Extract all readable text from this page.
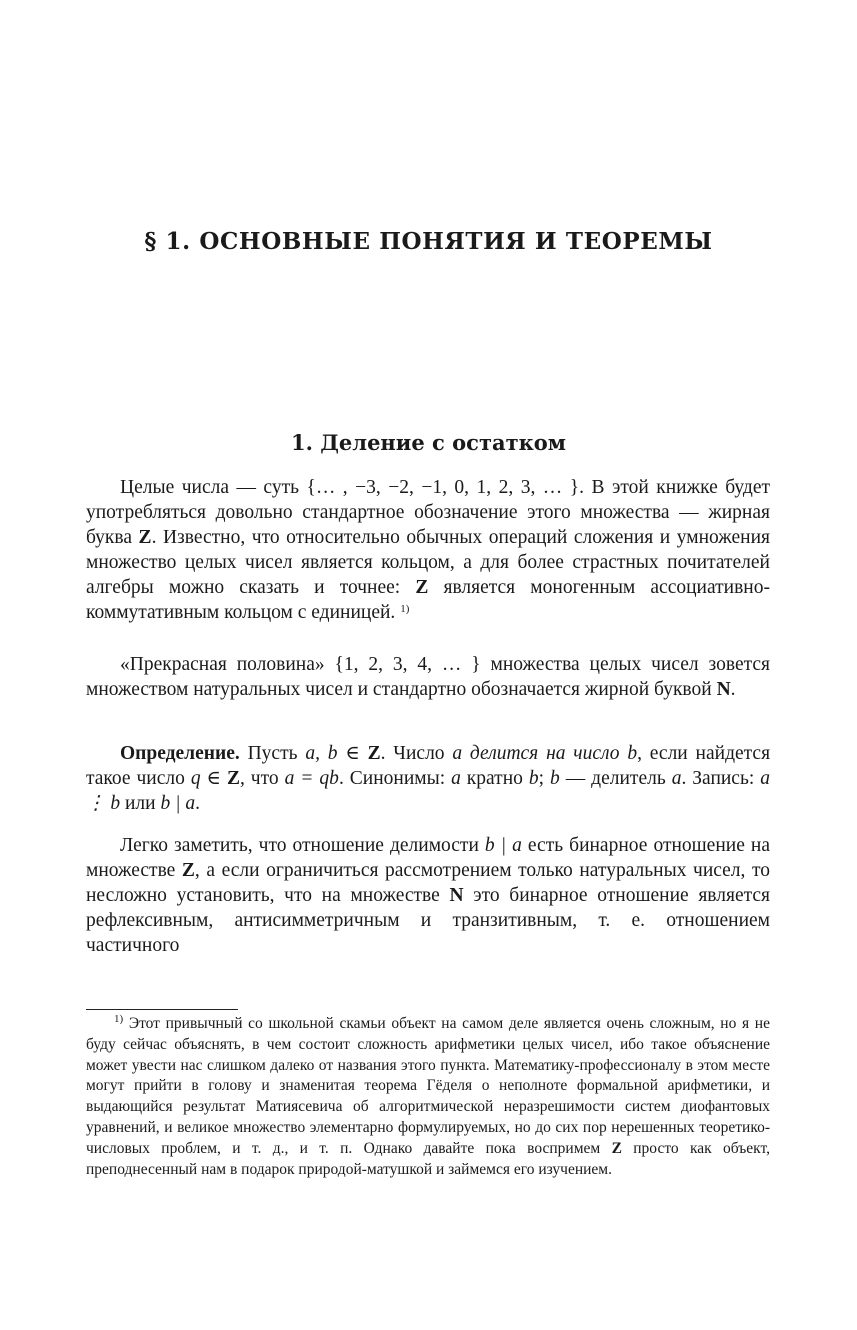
§ 1. ОСНОВНЫЕ ПОНЯТИЯ И ТЕОРЕМЫ
1. Деление с остатком

Целые числа — суть {… , −3, −2, −1, 0, 1, 2, 3, … }. В этой книжке будет употребляться довольно стандартное обозначение этого множества — жирная буква Z. Известно, что относительно обычных операций сложения и умножения множество целых чисел является кольцом, а для более страстных почитателей алгебры можно сказать и точнее: Z является моногенным ассоциативно-коммутативным кольцом с единицей. $^{1)}$

«Прекрасная половина» {1, 2, 3, 4, … } множества целых чисел зовется множеством натуральных чисел и стандартно обозначается жирной буквой N.

Определение. Пусть a, b ∈ Z. Число a делится на число b, если найдется такое число q ∈ Z, что a = qb. Синонимы: a кратно b; b — делитель a. Запись: a ⋮ b или b | a.

Легко заметить, что отношение делимости b | a есть бинарное отношение на множестве Z, а если ограничиться рассмотрением только натуральных чисел, то несложно установить, что на множестве N это бинарное отношение является рефлексивным, антисимметричным и транзитивным, т. е. отношением частичного

$^{1)}$ Этот привычный со школьной скамьи объект на самом деле является очень сложным, но я не буду сейчас объяснять, в чем состоит сложность арифметики целых чисел, ибо такое объяснение может увести нас слишком далеко от названия этого пункта. Математику-профессионалу в этом месте могут прийти в голову и знаменитая теорема Гёделя о неполноте формальной арифметики, и выдающийся результат Матиясевича об алгоритмической неразрешимости систем диофантовых уравнений, и великое множество элементарно формулируемых, но до сих пор нерешенных теоретико-числовых проблем, и т. д., и т. п. Однако давайте пока воспримем Z просто как объект, преподнесенный нам в подарок природой-матушкой и займемся его изучением.
